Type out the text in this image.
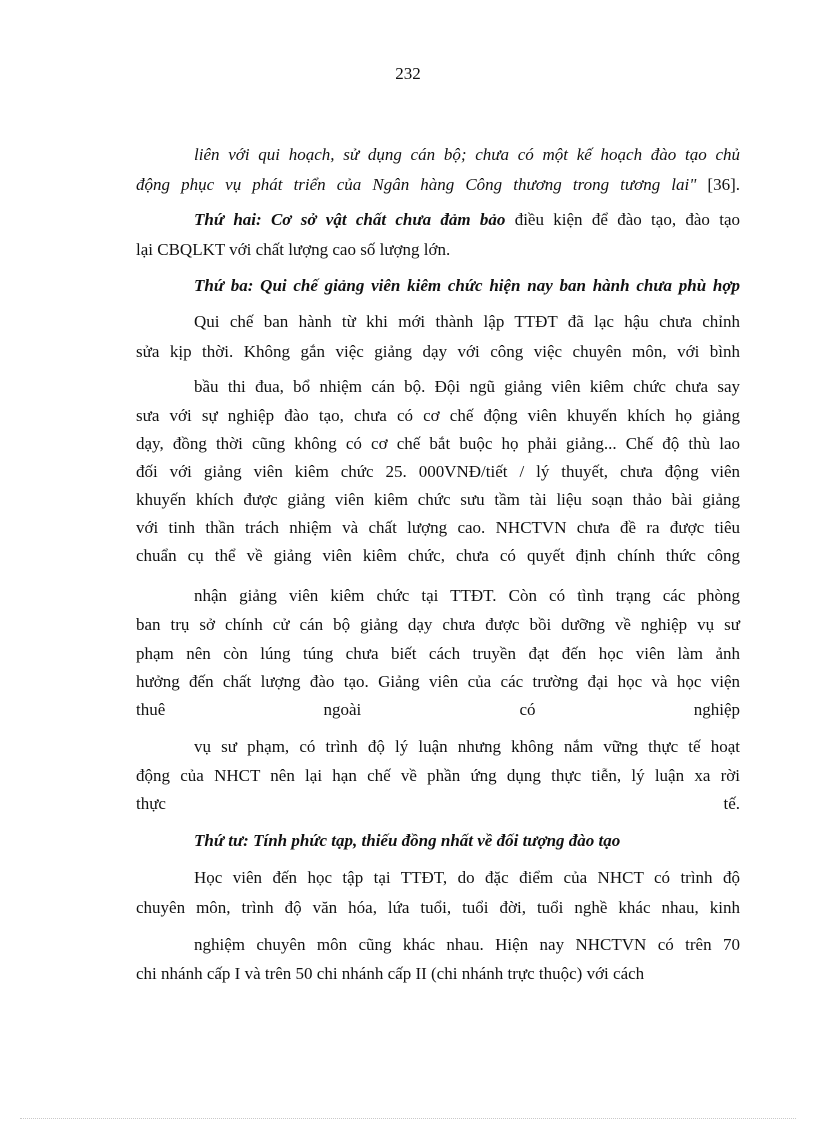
232
liên với qui hoạch, sử dụng cán bộ; chưa có một kế hoạch đào tạo chủ
động phục vụ phát triển của Ngân hàng Công thương trong tương lai" [36].
Thứ hai: Cơ sở vật chất chưa đảm bảo điều kiện để đào tạo, đào tạo
lại CBQLKT với chất lượng cao số lượng lớn.
Thứ ba: Qui chế giảng viên kiêm chức hiện nay ban hành chưa phù hợp
Qui chế ban hành từ khi mới thành lập TTĐT đã lạc hậu chưa chỉnh
sửa kịp thời. Không gắn việc giảng dạy với công việc chuyên môn, với bình
bầu thi đua, bổ nhiệm cán bộ. Đội ngũ giảng viên kiêm chức chưa say
sưa với sự nghiệp đào tạo, chưa có cơ chế động viên khuyến khích họ giảng
dạy, đồng thời cũng không có cơ chế bắt buộc họ phải giảng... Chế độ thù lao
đối với giảng viên kiêm chức 25. 000VNĐ/tiết / lý thuyết, chưa động viên
khuyến khích được giảng viên kiêm chức sưu tầm tài liệu soạn thảo bài giảng
với tinh thần trách nhiệm và chất lượng cao. NHCTVN chưa đề ra được tiêu
chuẩn cụ thể về giảng viên kiêm chức, chưa có quyết định chính thức công
nhận giảng viên kiêm chức tại TTĐT. Còn có tình trạng các phòng
ban trụ sở chính cử cán bộ giảng dạy chưa được bồi dưỡng về nghiệp vụ sư
phạm nên còn lúng túng chưa biết cách truyền đạt đến học viên làm ảnh
hưởng đến chất lượng đào tạo. Giảng viên của các trường đại học và học viện
thuê ngoài có nghiệp
vụ sư phạm, có trình độ lý luận nhưng không nắm vững thực tế hoạt
động của NHCT nên lại hạn chế về phần ứng dụng thực tiễn, lý luận xa rời
thực tế.
Thứ tư: Tính phức tạp, thiếu đồng nhất về đối tượng đào tạo
Học viên đến học tập tại TTĐT, do đặc điểm của NHCT có trình độ
chuyên môn, trình độ văn hóa, lứa tuổi, tuổi đời, tuổi nghề khác nhau, kinh
nghiệm chuyên môn cũng khác nhau. Hiện nay NHCTVN có trên 70
chi nhánh cấp I và trên 50 chi nhánh cấp II (chi nhánh trực thuộc) với cách
